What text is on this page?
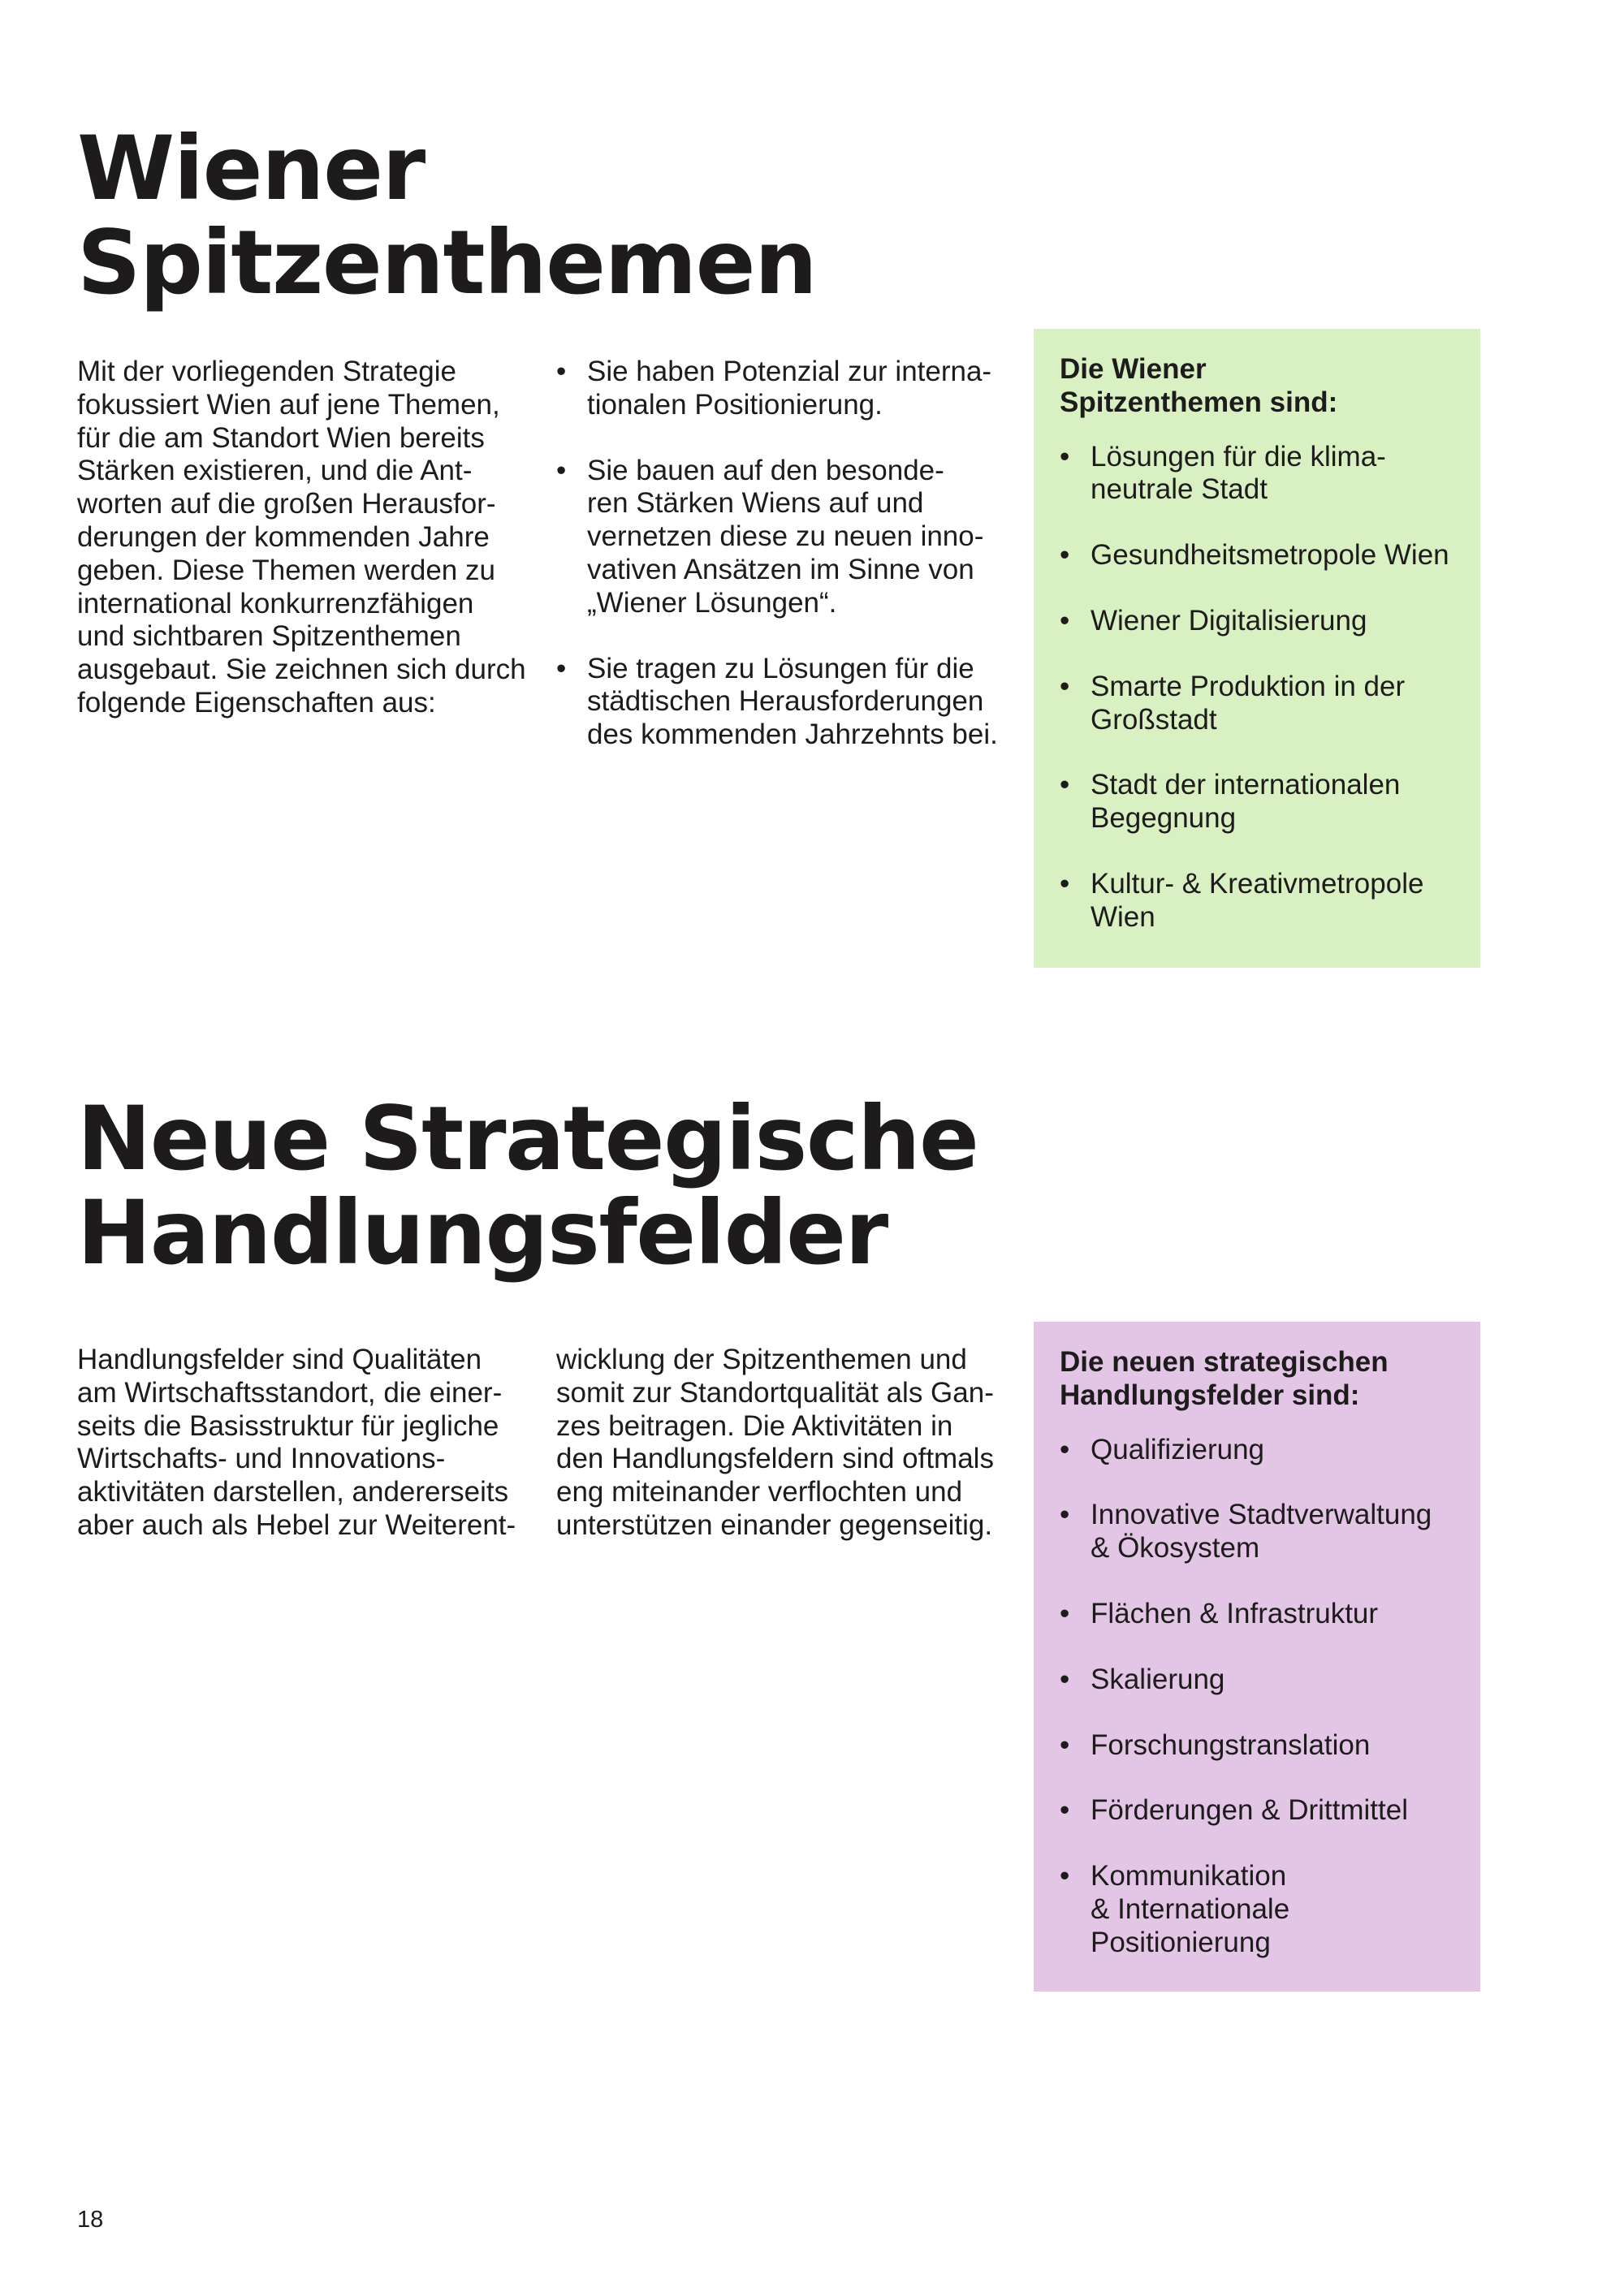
Wiener
Spitzenthemen
Mit der vorliegenden Strategie
fokussiert Wien auf jene Themen,
für die am Standort Wien bereits
Stärken existieren, und die Ant-
worten auf die großen Herausfor-
derungen der kommenden Jahre
geben. Diese Themen werden zu
international konkurrenzfähigen
und sichtbaren Spitzenthemen
ausgebaut. Sie zeichnen sich durch
folgende Eigenschaften aus:
• Sie haben Potenzial zur interna-
tionalen Positionierung.
• Sie bauen auf den besonde-
ren Stärken Wiens auf und
vernetzen diese zu neuen inno-
vativen Ansätzen im Sinne von
„Wiener Lösungen“.
• Sie tragen zu Lösungen für die
städtischen Herausforderungen
des kommenden Jahrzehnts bei.
Die Wiener
Spitzenthemen sind:
• Lösungen für die klima-
neutrale Stadt
• Gesundheitsmetropole Wien
• Wiener Digitalisierung
• Smarte Produktion in der
Großstadt
• Stadt der internationalen
Begegnung
• Kultur- & Kreativmetropole
Wien
Neue Strategische
Handlungsfelder
Handlungsfelder sind Qualitäten
am Wirtschaftsstandort, die einer-
seits die Basisstruktur für jegliche
Wirtschafts- und Innovations-
aktivitäten darstellen, andererseits
aber auch als Hebel zur Weiterent-
wicklung der Spitzenthemen und
somit zur Standortqualität als Gan-
zes beitragen. Die Aktivitäten in
den Handlungsfeldern sind oftmals
eng miteinander verflochten und
unterstützen einander gegenseitig.
Die neuen strategischen
Handlungsfelder sind:
• Qualifizierung
• Innovative Stadtverwaltung
& Ökosystem
• Flächen & Infrastruktur
• Skalierung
• Forschungstranslation
• Förderungen & Drittmittel
• Kommunikation
& Internationale
Positionierung
18
